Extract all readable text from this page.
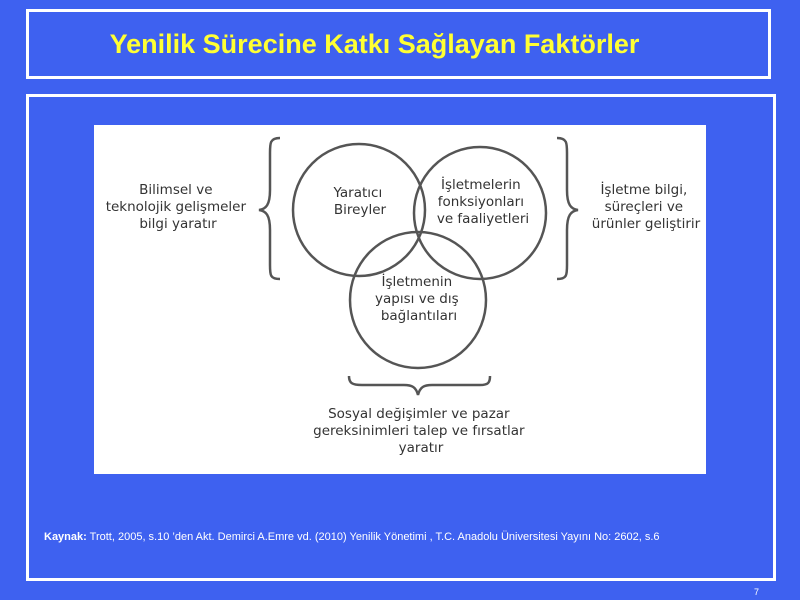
Yenilik Sürecine Katkı Sağlayan Faktörler
Yaratıcı Bireyler
İşletmelerin fonksiyonları ve faaliyetleri
İşletmenin yapısı ve dış bağlantıları
Bilimsel ve teknolojik gelişmeler bilgi yaratır
İşletme bilgi, süreçleri ve ürünler geliştirir
Sosyal değişimler ve pazar gereksinimleri talep ve fırsatlar yaratır
Kaynak: Trott, 2005, s.10 ’den Akt. Demirci A.Emre vd. (2010) Yenilik Yönetimi , T.C. Anadolu Üniversitesi Yayını No: 2602, s.6
7
